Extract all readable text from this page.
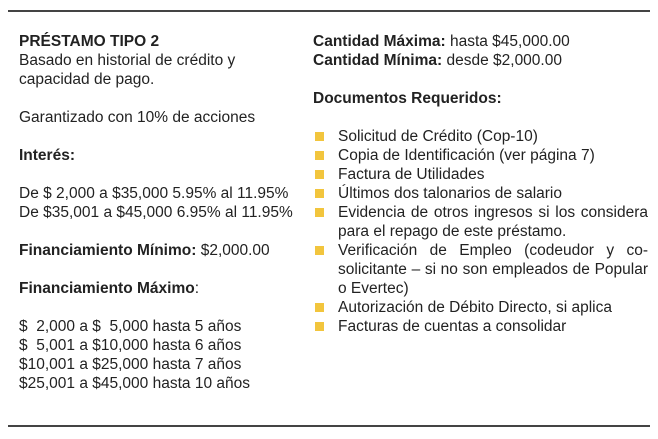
PRÉSTAMO TIPO 2
Basado en historial de crédito y
capacidad de pago.
Garantizado con 10% de acciones
Interés:
De $ 2,000 a $35,000 5.95% al 11.95%
De $35,001 a $45,000 6.95% al 11.95%
Financiamiento Mínimo: $2,000.00
Financiamiento Máximo:
$  2,000 a $  5,000 hasta 5 años
$  5,001 a $10,000 hasta 6 años
$10,001 a $25,000 hasta 7 años
$25,001 a $45,000 hasta 10 años
Cantidad Máxima: hasta $45,000.00
Cantidad Mínima: desde $2,000.00
Documentos Requeridos:
Solicitud de Crédito (Cop-10)
Copia de Identificación (ver página 7)
Factura de Utilidades
Últimos dos talonarios de salario
Evidencia de otros ingresos si los considera para el repago de este préstamo.
Verificación de Empleo (codeudor y co-solicitante – si no son empleados de Popular o Evertec)
Autorización de Débito Directo, si aplica
Facturas de cuentas a consolidar
